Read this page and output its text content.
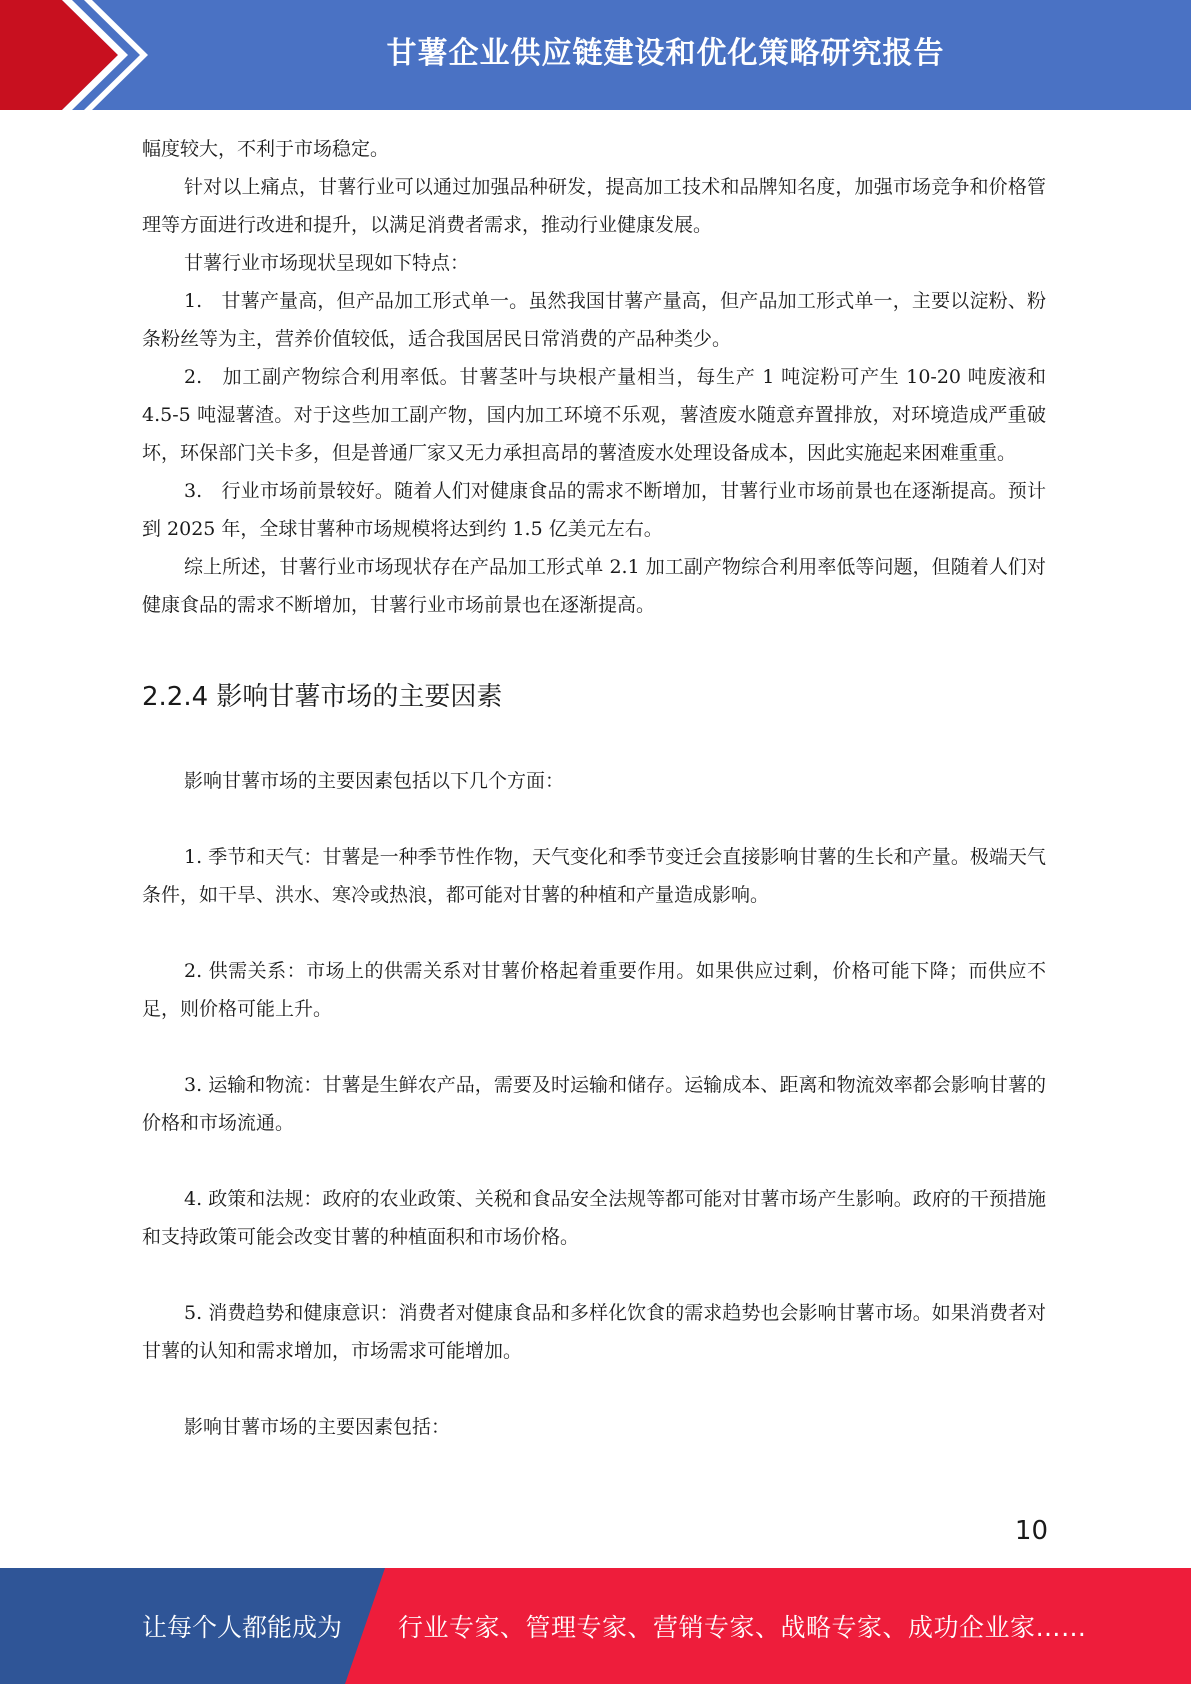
甘薯企业供应链建设和优化策略研究报告

幅度较大，不利于市场稳定。

针对以上痛点，甘薯行业可以通过加强品种研发，提高加工技术和品牌知名度，加强市场竞争和价格管理等方面进行改进和提升，以满足消费者需求，推动行业健康发展。

甘薯行业市场现状呈现如下特点：

1.　甘薯产量高，但产品加工形式单一。虽然我国甘薯产量高，但产品加工形式单一，主要以淀粉、粉条粉丝等为主，营养价值较低，适合我国居民日常消费的产品种类少。

2.　加工副产物综合利用率低。甘薯茎叶与块根产量相当，每生产 1 吨淀粉可产生 10-20 吨废液和 4.5-5 吨湿薯渣。对于这些加工副产物，国内加工环境不乐观，薯渣废水随意弃置排放，对环境造成严重破坏，环保部门关卡多，但是普通厂家又无力承担高昂的薯渣废水处理设备成本，因此实施起来困难重重。

3.　行业市场前景较好。随着人们对健康食品的需求不断增加，甘薯行业市场前景也在逐渐提高。预计到 2025 年，全球甘薯种市场规模将达到约 1.5 亿美元左右。

综上所述，甘薯行业市场现状存在产品加工形式单 2.1 加工副产物综合利用率低等问题，但随着人们对健康食品的需求不断增加，甘薯行业市场前景也在逐渐提高。

2.2.4 影响甘薯市场的主要因素

影响甘薯市场的主要因素包括以下几个方面：

1. 季节和天气：甘薯是一种季节性作物，天气变化和季节变迁会直接影响甘薯的生长和产量。极端天气条件，如干旱、洪水、寒冷或热浪，都可能对甘薯的种植和产量造成影响。

2. 供需关系：市场上的供需关系对甘薯价格起着重要作用。如果供应过剩，价格可能下降；而供应不足，则价格可能上升。

3. 运输和物流：甘薯是生鲜农产品，需要及时运输和储存。运输成本、距离和物流效率都会影响甘薯的价格和市场流通。

4. 政策和法规：政府的农业政策、关税和食品安全法规等都可能对甘薯市场产生影响。政府的干预措施和支持政策可能会改变甘薯的种植面积和市场价格。

5. 消费趋势和健康意识：消费者对健康食品和多样化饮食的需求趋势也会影响甘薯市场。如果消费者对甘薯的认知和需求增加，市场需求可能增加。

影响甘薯市场的主要因素包括：

10
让每个人都能成为 行业专家、管理专家、营销专家、战略专家、成功企业家……
